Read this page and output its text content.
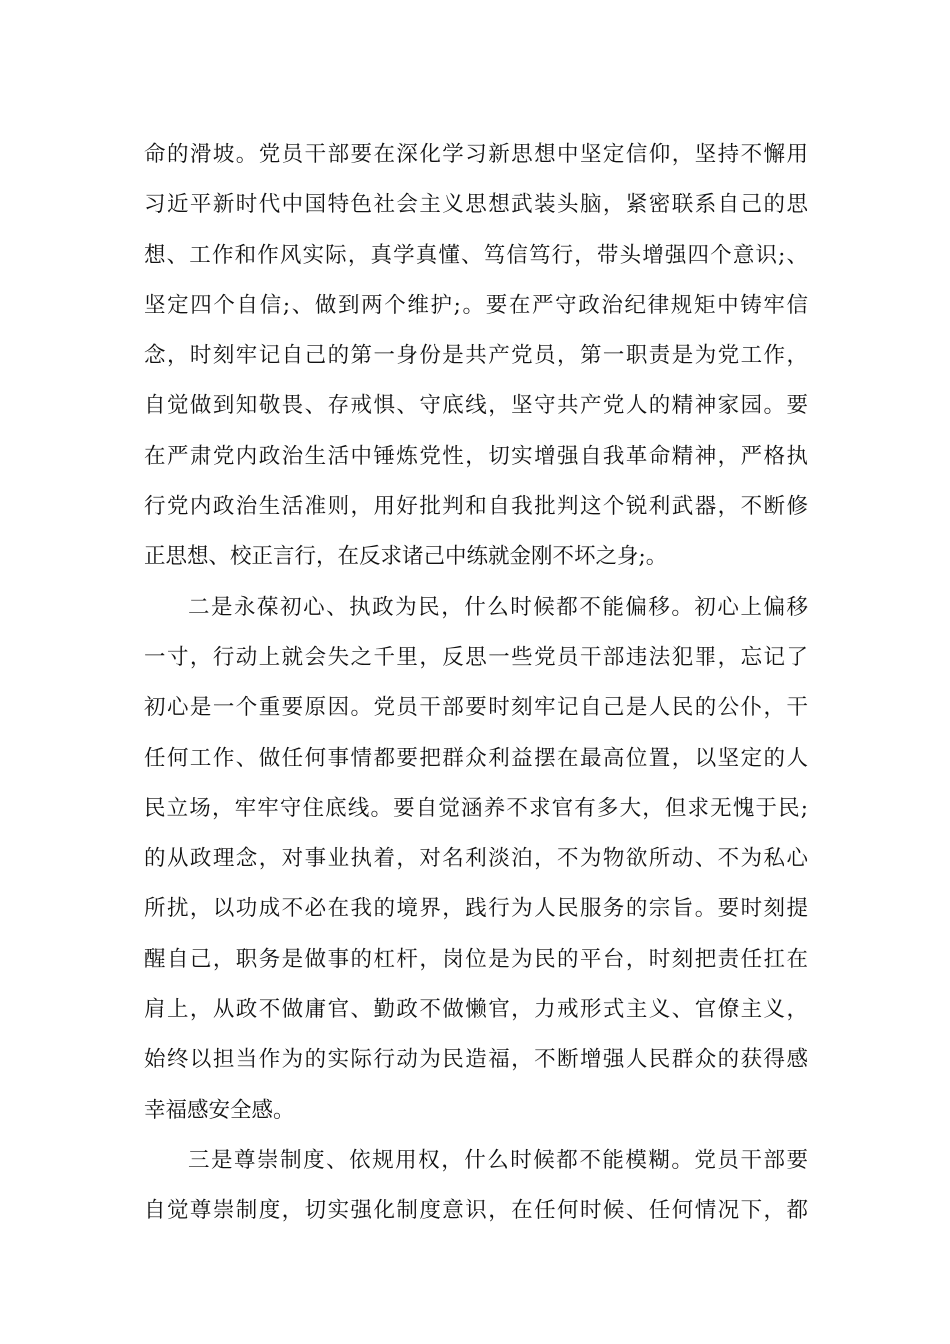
命的滑坡。党员干部要在深化学习新思想中坚定信仰，坚持不懈用
习近平新时代中国特色社会主义思想武装头脑，紧密联系自己的思
想、工作和作风实际，真学真懂、笃信笃行，带头增强四个意识;、
坚定四个自信;、做到两个维护;。要在严守政治纪律规矩中铸牢信
念，时刻牢记自己的第一身份是共产党员，第一职责是为党工作，
自觉做到知敬畏、存戒惧、守底线，坚守共产党人的精神家园。要
在严肃党内政治生活中锤炼党性，切实增强自我革命精神，严格执
行党内政治生活准则，用好批判和自我批判这个锐利武器，不断修
正思想、校正言行，在反求诸己中练就金刚不坏之身;。
二是永葆初心、执政为民，什么时候都不能偏移。初心上偏移
一寸，行动上就会失之千里，反思一些党员干部违法犯罪，忘记了
初心是一个重要原因。党员干部要时刻牢记自己是人民的公仆，干
任何工作、做任何事情都要把群众利益摆在最高位置，以坚定的人
民立场，牢牢守住底线。要自觉涵养不求官有多大，但求无愧于民;
的从政理念，对事业执着，对名利淡泊，不为物欲所动、不为私心
所扰，以功成不必在我的境界，践行为人民服务的宗旨。要时刻提
醒自己，职务是做事的杠杆，岗位是为民的平台，时刻把责任扛在
肩上，从政不做庸官、勤政不做懒官，力戒形式主义、官僚主义，
始终以担当作为的实际行动为民造福，不断增强人民群众的获得感
幸福感安全感。
三是尊崇制度、依规用权，什么时候都不能模糊。党员干部要
自觉尊崇制度，切实强化制度意识，在任何时候、任何情况下，都
